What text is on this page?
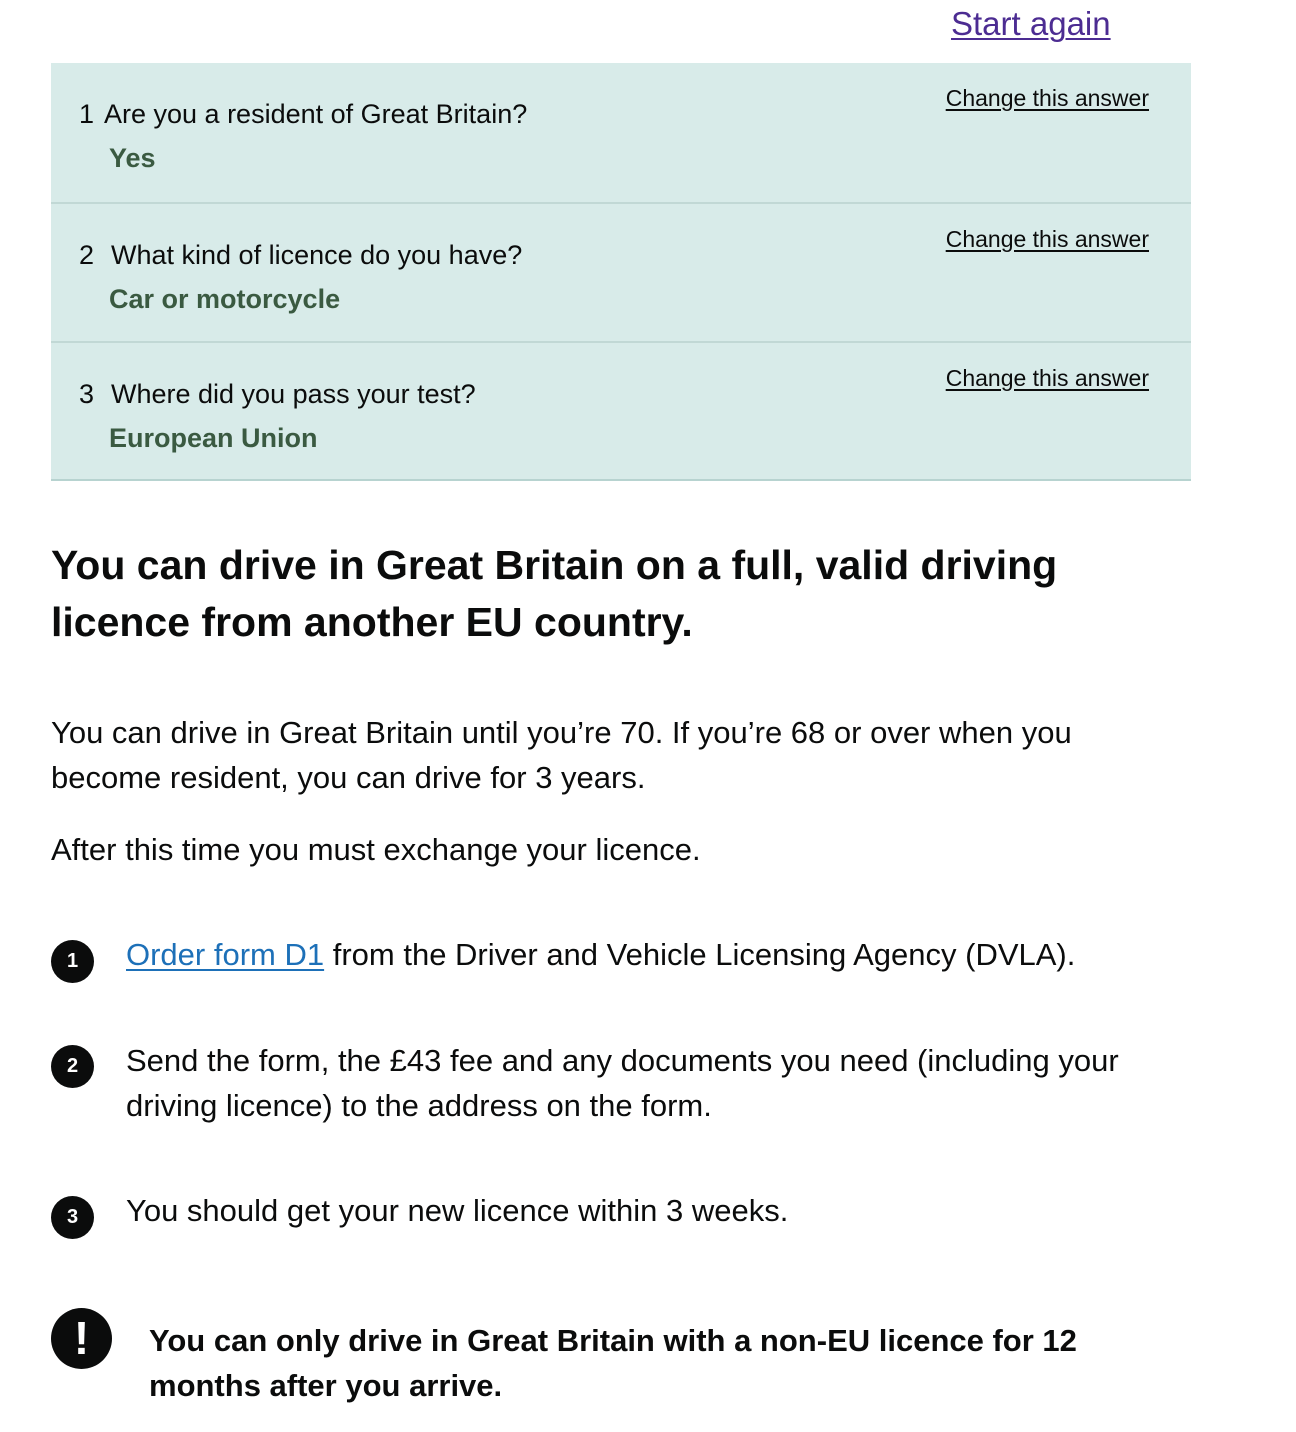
Start again
1 Are you a resident of Great Britain?
Yes
Change this answer
2 What kind of licence do you have?
Car or motorcycle
Change this answer
3 Where did you pass your test?
European Union
Change this answer
You can drive in Great Britain on a full, valid driving licence from another EU country.

You can drive in Great Britain until you’re 70. If you’re 68 or over when you become resident, you can drive for 3 years.

After this time you must exchange your licence.

1	Order form D1 from the Driver and Vehicle Licensing Agency (DVLA).
2	Send the form, the £43 fee and any documents you need (including your driving licence) to the address on the form.
3	You should get your new licence within 3 weeks.
!	You can only drive in Great Britain with a non-EU licence for 12 months after you arrive.
